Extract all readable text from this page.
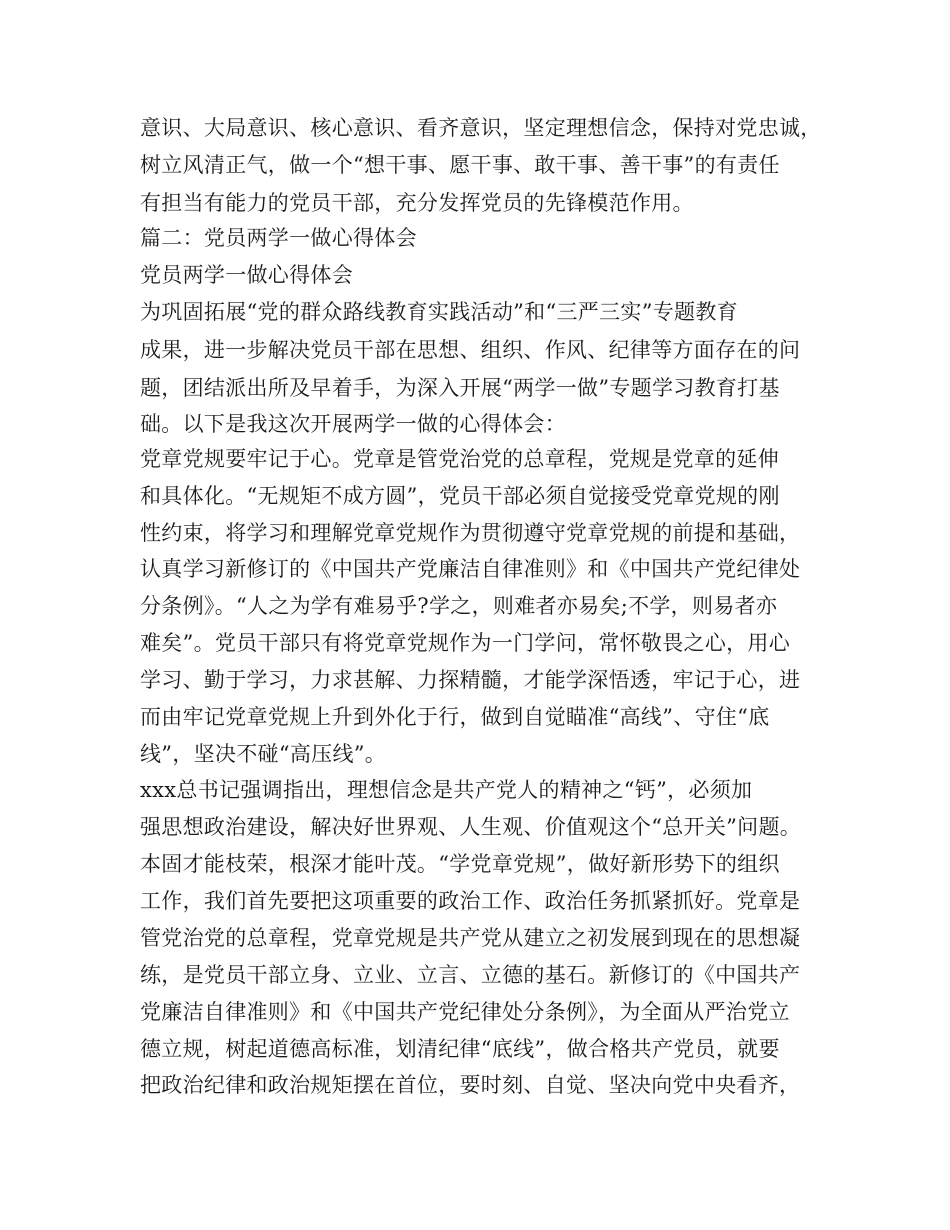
意识、大局意识、核心意识、看齐意识，坚定理想信念，保持对党忠诚，
树立风清正气，做一个“想干事、愿干事、敢干事、善干事”的有责任
有担当有能力的党员干部，充分发挥党员的先锋模范作用。
篇二：党员两学一做心得体会
党员两学一做心得体会
为巩固拓展“党的群众路线教育实践活动”和“三严三实”专题教育
成果，进一步解决党员干部在思想、组织、作风、纪律等方面存在的问
题，团结派出所及早着手，为深入开展“两学一做”专题学习教育打基
础。以下是我这次开展两学一做的心得体会：
党章党规要牢记于心。党章是管党治党的总章程，党规是党章的延伸
和具体化。“无规矩不成方圆”，党员干部必须自觉接受党章党规的刚
性约束，将学习和理解党章党规作为贯彻遵守党章党规的前提和基础，
认真学习新修订的《中国共产党廉洁自律准则》和《中国共产党纪律处
分条例》。“人之为学有难易乎?学之，则难者亦易矣;不学，则易者亦
难矣”。党员干部只有将党章党规作为一门学问，常怀敬畏之心，用心
学习、勤于学习，力求甚解、力探精髓，才能学深悟透，牢记于心，进
而由牢记党章党规上升到外化于行，做到自觉瞄准“高线”、守住“底
线”，坚决不碰“高压线”。
xxx总书记强调指出，理想信念是共产党人的精神之“钙”，必须加
强思想政治建设，解决好世界观、人生观、价值观这个“总开关”问题。
本固才能枝荣，根深才能叶茂。“学党章党规”，做好新形势下的组织
工作，我们首先要把这项重要的政治工作、政治任务抓紧抓好。党章是
管党治党的总章程，党章党规是共产党从建立之初发展到现在的思想凝
练，是党员干部立身、立业、立言、立德的基石。新修订的《中国共产
党廉洁自律准则》和《中国共产党纪律处分条例》，为全面从严治党立
德立规，树起道德高标准，划清纪律“底线”，做合格共产党员，就要
把政治纪律和政治规矩摆在首位，要时刻、自觉、坚决向党中央看齐，
